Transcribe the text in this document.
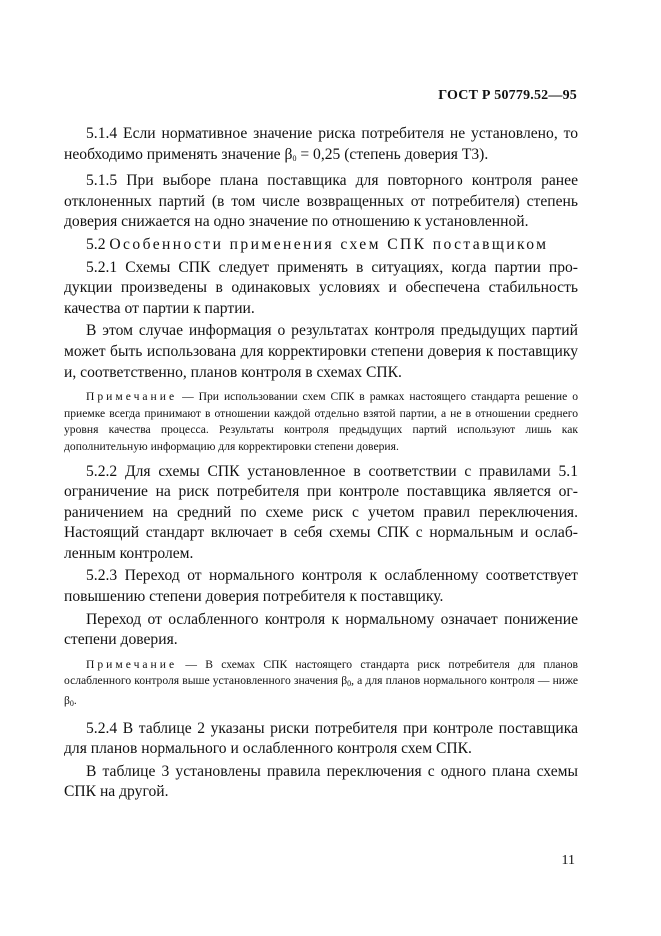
ГОСТ Р 50779.52—95

5.1.4 Если нормативное значение риска потребителя не установлено, то необходимо применять значение $\beta_0 = 0,25$ (степень доверия Т3).

5.1.5 При выборе плана поставщика для повторного контроля ранее отклоненных партий (в том числе возвращенных от потребителя) степень доверия снижается на одно значение по отношению к установленной.

5.2 Особенности применения схем СПК поставщиком

5.2.1 Схемы СПК следует применять в ситуациях, когда партии продукции произведены в одинаковых условиях и обеспечена стабильность качества от партии к партии.

В этом случае информация о результатах контроля предыдущих партий может быть использована для корректировки степени доверия к поставщику и, соответственно, планов контроля в схемах СПК.

Примечание — При использовании схем СПК в рамках настоящего стандарта решение о приемке всегда принимают в отношении каждой отдельно взятой партии, а не в отношении среднего уровня качества процесса. Результаты контроля предыдущих партий используют лишь как дополнительную информацию для корректировки степени доверия.

5.2.2 Для схемы СПК установленное в соответствии с правилами 5.1 ограничение на риск потребителя при контроле поставщика является ограничением на средний по схеме риск с учетом правил переключения. Настоящий стандарт включает в себя схемы СПК с нормальным и ослабленным контролем.

5.2.3 Переход от нормального контроля к ослабленному соответствует повышению степени доверия потребителя к поставщику.

Переход от ослабленного контроля к нормальному означает понижение степени доверия.

Примечание — В схемах СПК настоящего стандарта риск потребителя для планов ослабленного контроля выше установленного значения $\beta_0$, а для планов нормального контроля — ниже $\beta_0$.

5.2.4 В таблице 2 указаны риски потребителя при контроле поставщика для планов нормального и ослабленного контроля схем СПК.

В таблице 3 установлены правила переключения с одного плана схемы СПК на другой.

11
